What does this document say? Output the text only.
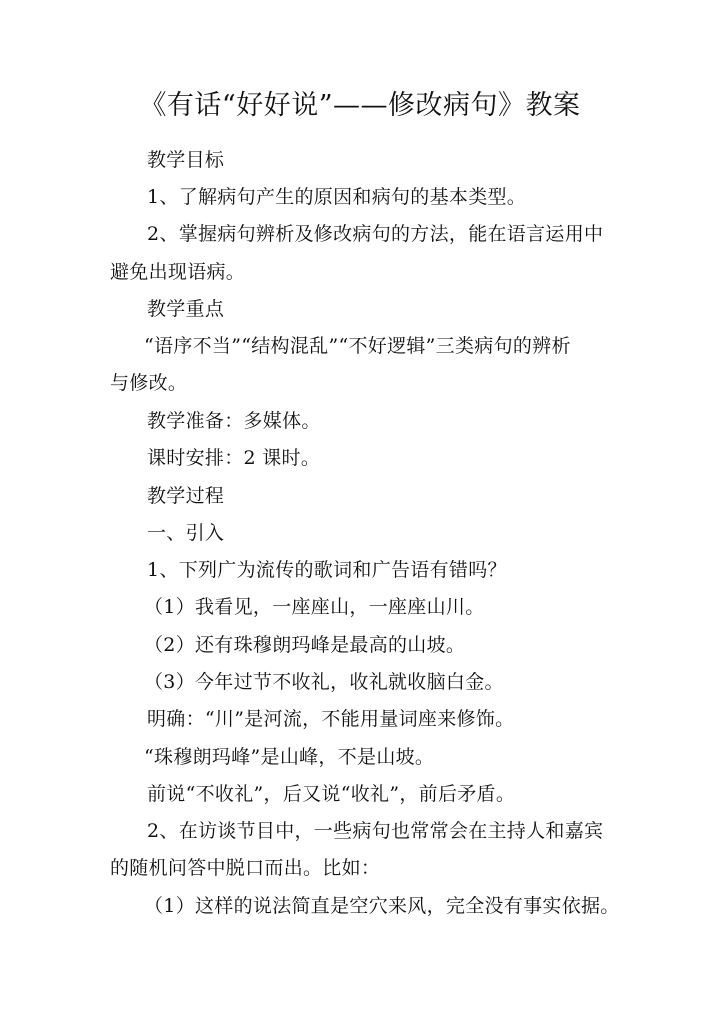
《有话“好好说”——修改病句》教案
教学目标
1、了解病句产生的原因和病句的基本类型。
2、掌握病句辨析及修改病句的方法，能在语言运用中
避免出现语病。
教学重点
“语序不当”“结构混乱”“不好逻辑”三类病句的辨析
与修改。
教学准备：多媒体。
课时安排：2 课时。
教学过程
一、引入
1、下列广为流传的歌词和广告语有错吗？
（1）我看见，一座座山，一座座山川。
（2）还有珠穆朗玛峰是最高的山坡。
（3）今年过节不收礼，收礼就收脑白金。
明确：“川”是河流，不能用量词座来修饰。
“珠穆朗玛峰”是山峰，不是山坡。
前说“不收礼”，后又说“收礼”，前后矛盾。
2、在访谈节目中，一些病句也常常会在主持人和嘉宾
的随机问答中脱口而出。比如：
（1）这样的说法简直是空穴来风，完全没有事实依据。
